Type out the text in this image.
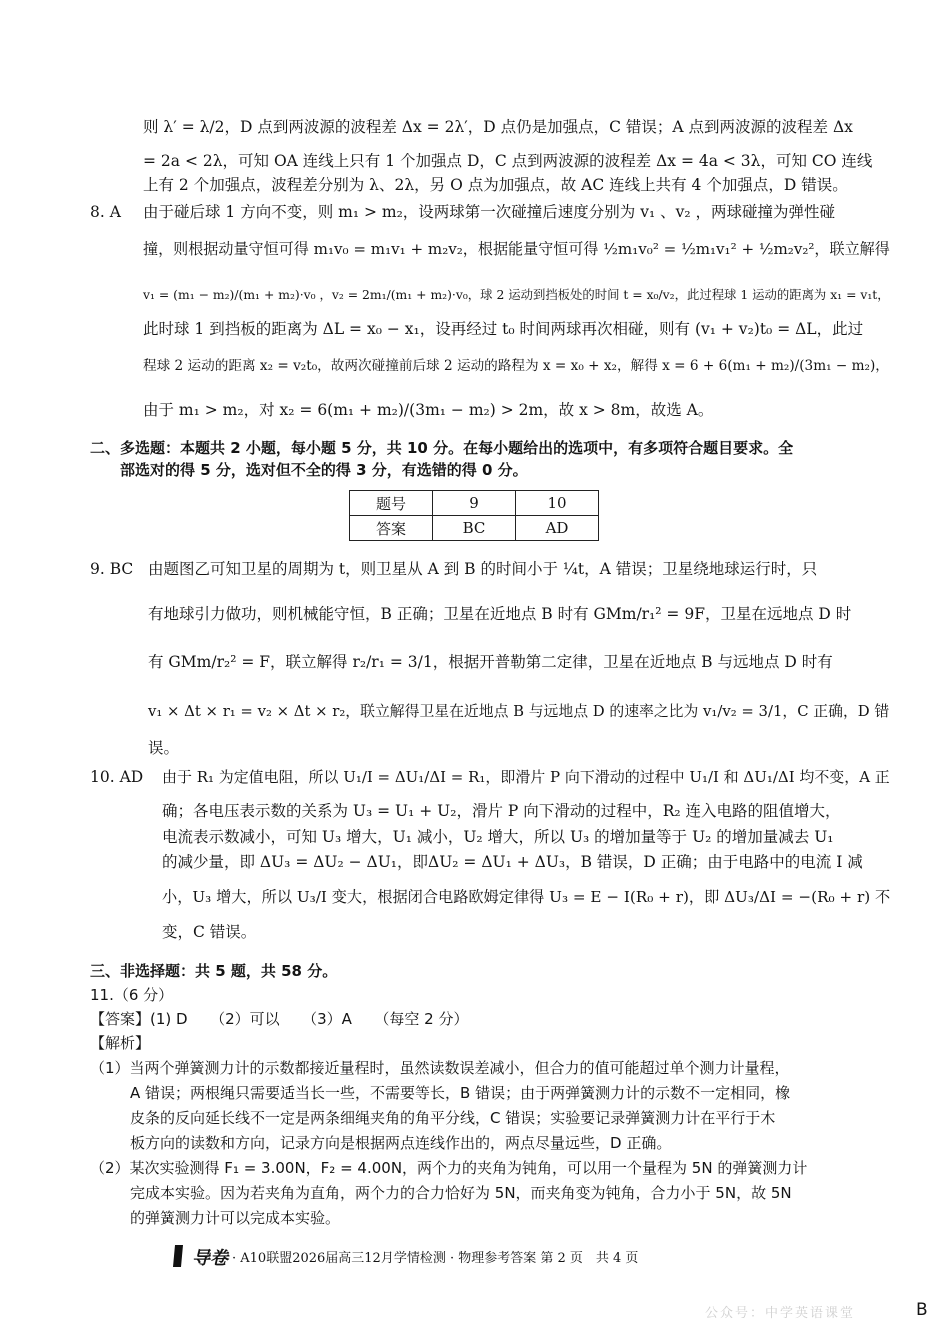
则 λ′ = λ/2，D 点到两波源的波程差 Δx = 2λ′，D 点仍是加强点，C 错误；A 点到两波源的波程差 Δx
= 2a < 2λ，可知 OA 连线上只有 1 个加强点 D，C 点到两波源的波程差 Δx = 4a < 3λ，可知 CO 连线
上有 2 个加强点，波程差分别为 λ、2λ，另 O 点为加强点，故 AC 连线上共有 4 个加强点，D 错误。
8. A 由于碰后球 1 方向不变，则 m₁ > m₂，设两球第一次碰撞后速度分别为 v₁ 、v₂ ，两球碰撞为弹性碰
撞，则根据动量守恒可得 m₁v₀ = m₁v₁ + m₂v₂，根据能量守恒可得 ½m₁v₀² = ½m₁v₁² + ½m₂v₂²，联立解得
v₁ = (m₁ − m₂)/(m₁ + m₂)·v₀ ，v₂ = 2m₁/(m₁ + m₂)·v₀，球 2 运动到挡板处的时间 t = x₀/v₂，此过程球 1 运动的距离为 x₁ = v₁t，
此时球 1 到挡板的距离为 ΔL = x₀ − x₁，设再经过 t₀ 时间两球再次相碰，则有 (v₁ + v₂)t₀ = ΔL，此过
程球 2 运动的距离 x₂ = v₂t₀，故两次碰撞前后球 2 运动的路程为 x = x₀ + x₂，解得 x = 6 + 6(m₁ + m₂)/(3m₁ − m₂)，
由于 m₁ > m₂，对 x₂ = 6(m₁ + m₂)/(3m₁ − m₂) > 2m，故 x > 8m，故选 A。
二、多选题：本题共 2 小题，每小题 5 分，共 10 分。在每小题给出的选项中，有多项符合题目要求。全
部选对的得 5 分，选对但不全的得 3 分，有选错的得 0 分。
题号	9	10
答案	BC	AD
9. BC 由题图乙可知卫星的周期为 t，则卫星从 A 到 B 的时间小于 ¼t，A 错误；卫星绕地球运行时，只
有地球引力做功，则机械能守恒，B 正确；卫星在近地点 B 时有 GMm/r₁² = 9F，卫星在远地点 D 时
有 GMm/r₂² = F，联立解得 r₂/r₁ = 3/1，根据开普勒第二定律，卫星在近地点 B 与远地点 D 时有
v₁ × Δt × r₁ = v₂ × Δt × r₂，联立解得卫星在近地点 B 与远地点 D 的速率之比为 v₁/v₂ = 3/1，C 正确，D 错
误。
10. AD 由于 R₁ 为定值电阻，所以 U₁/I = ΔU₁/ΔI = R₁，即滑片 P 向下滑动的过程中 U₁/I 和 ΔU₁/ΔI 均不变，A 正
确；各电压表示数的关系为 U₃ = U₁ + U₂，滑片 P 向下滑动的过程中，R₂ 连入电路的阻值增大，
电流表示数减小，可知 U₃ 增大，U₁ 减小，U₂ 增大，所以 U₃ 的增加量等于 U₂ 的增加量减去 U₁
的减少量，即 ΔU₃ = ΔU₂ − ΔU₁，即ΔU₂ = ΔU₁ + ΔU₃，B 错误，D 正确；由于电路中的电流 I 减
小，U₃ 增大，所以 U₃/I 变大，根据闭合电路欧姆定律得 U₃ = E − I(R₀ + r)，即 ΔU₃/ΔI = −(R₀ + r) 不
变，C 错误。
三、非选择题：共 5 题，共 58 分。
11.（6 分）
【答案】(1) D　　（2）可以　　（3）A　　（每空 2 分）
【解析】
（1）当两个弹簧测力计的示数都接近量程时，虽然读数误差减小，但合力的值可能超过单个测力计量程，
A 错误；两根绳只需要适当长一些，不需要等长，B 错误；由于两弹簧测力计的示数不一定相同，橡
皮条的反向延长线不一定是两条细绳夹角的角平分线，C 错误；实验要记录弹簧测力计在平行于木
板方向的读数和方向，记录方向是根据两点连线作出的，两点尽量远些，D 正确。
（2）某次实验测得 F₁ = 3.00N，F₂ = 4.00N，两个力的夹角为钝角，可以用一个量程为 5N 的弹簧测力计
完成本实验。因为若夹角为直角，两个力的合力恰好为 5N，而夹角变为钝角，合力小于 5N，故 5N
的弹簧测力计可以完成本实验。
导卷 · A10联盟2026届高三12月学情检测 · 物理参考答案 第 2 页　共 4 页
公众号：中学英语课堂	B
